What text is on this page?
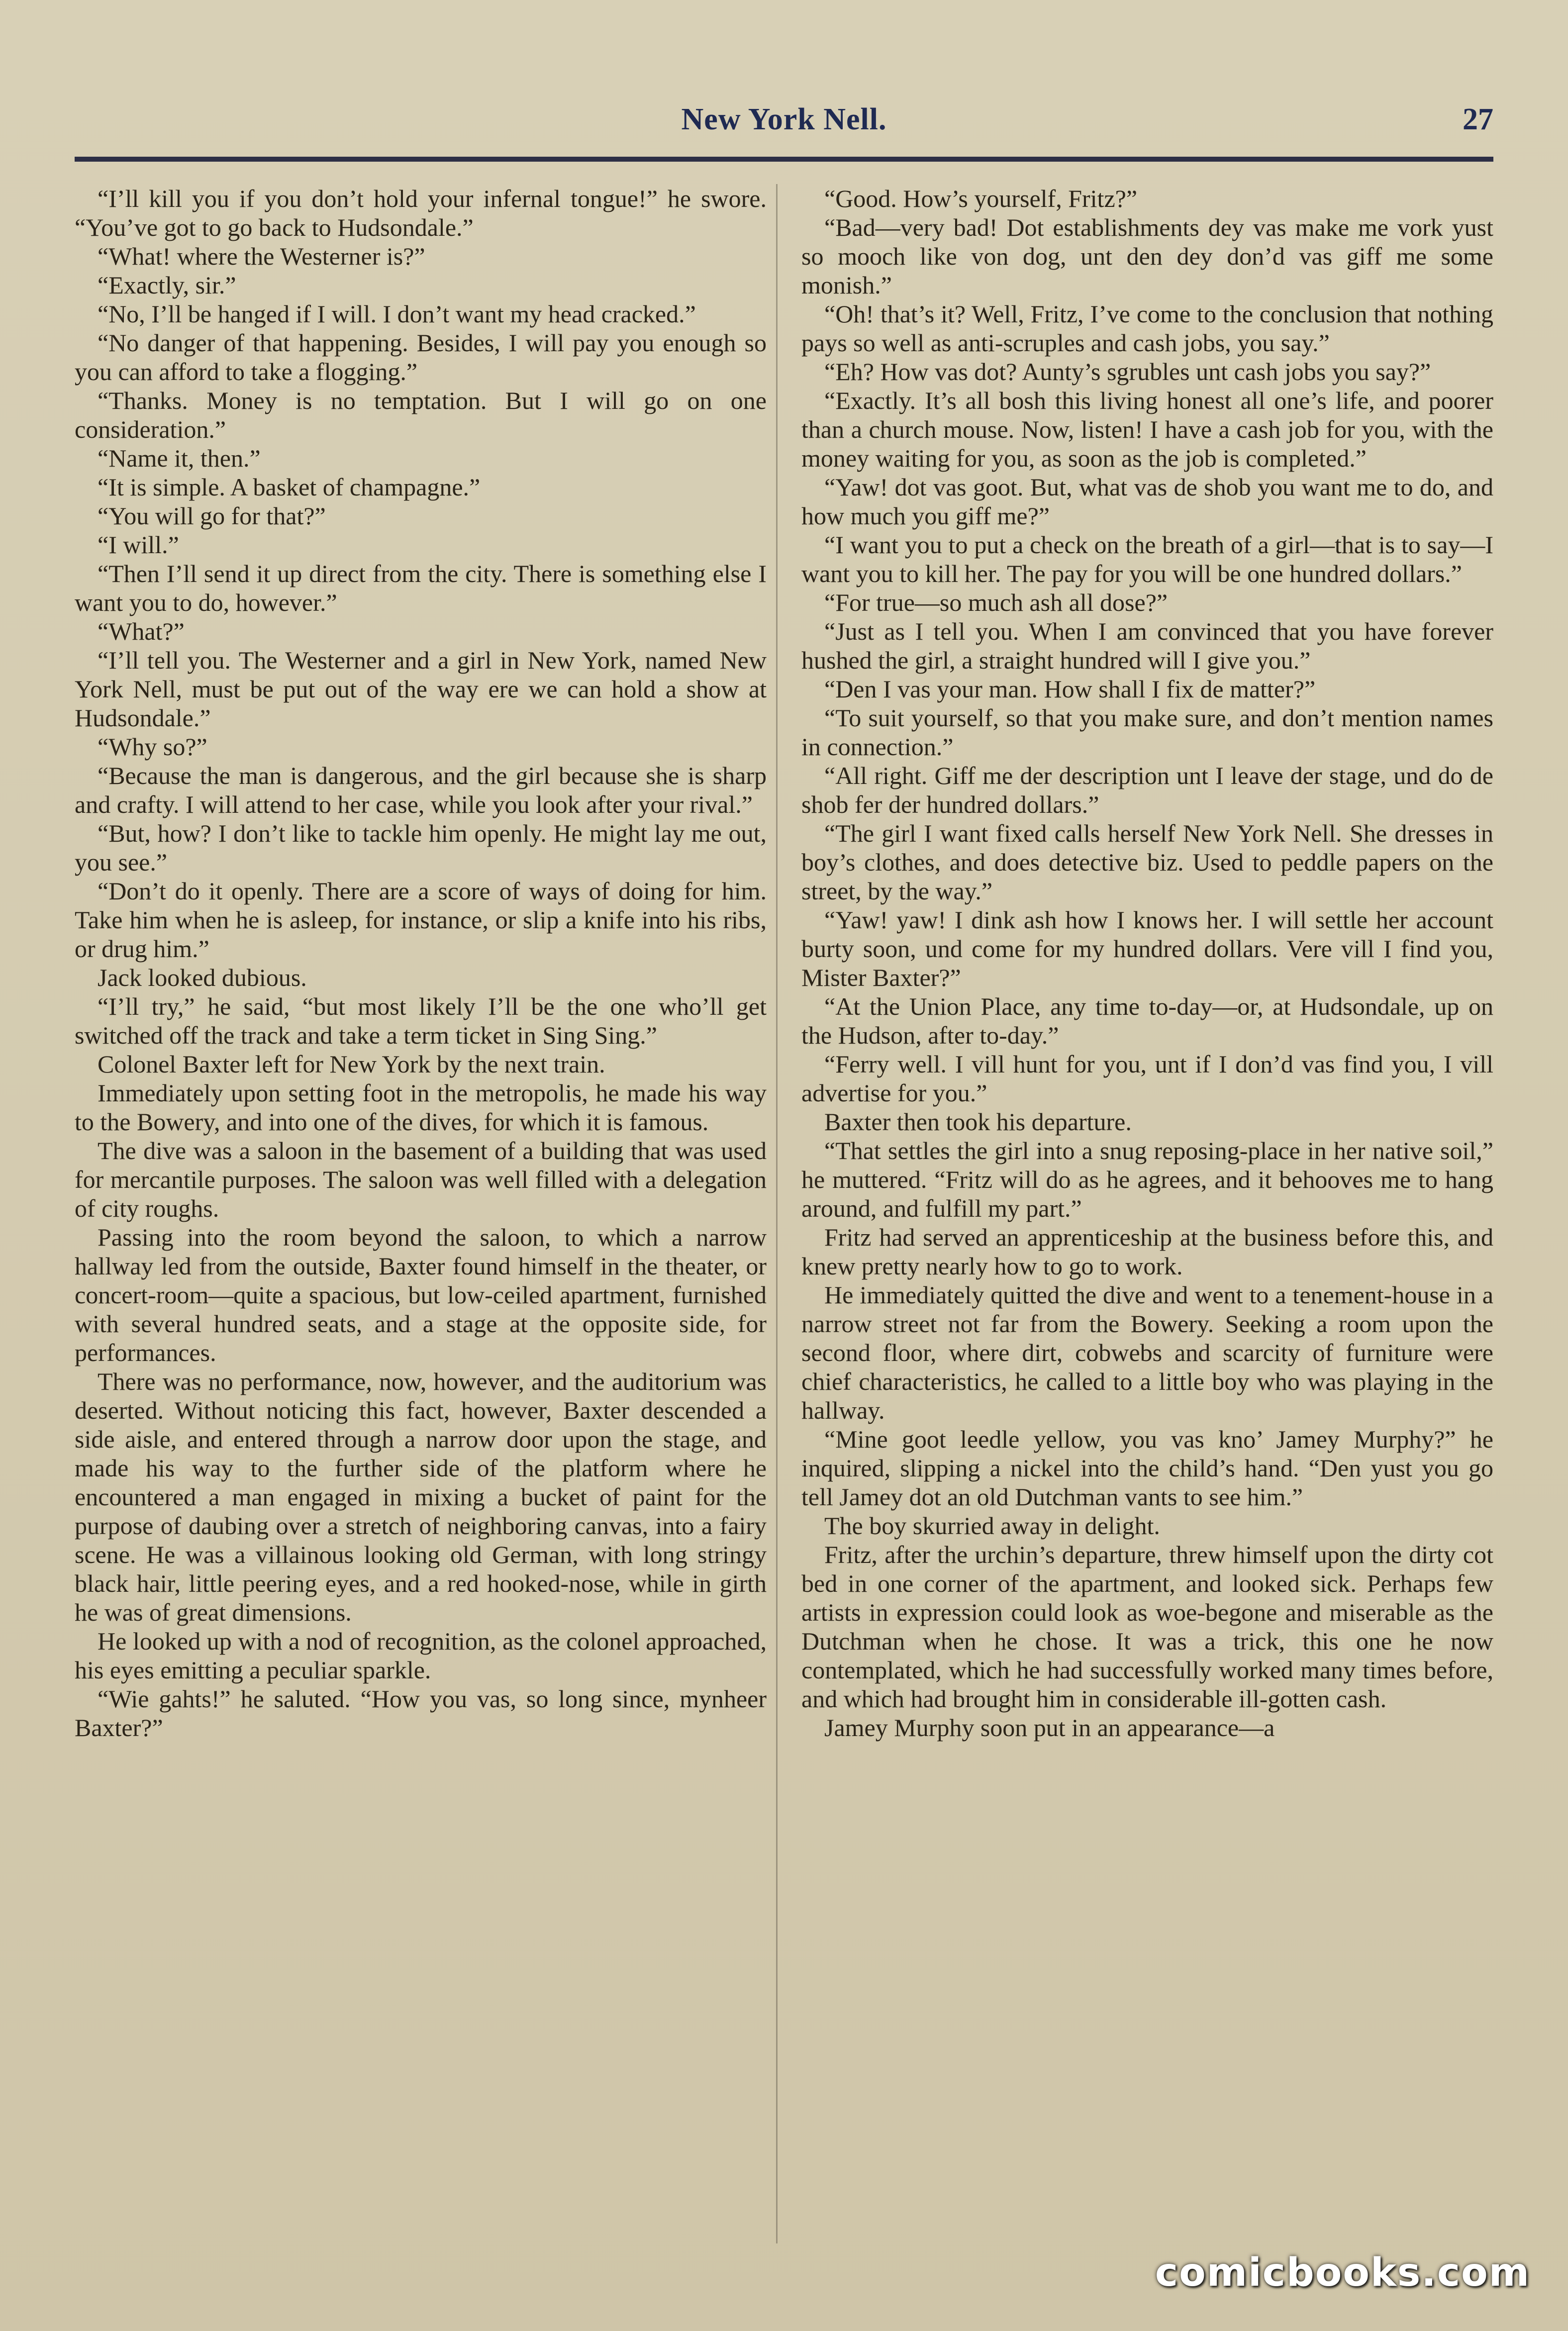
New York Nell.	27

“I’ll kill you if you don’t hold your infernal tongue!” he swore. “You’ve got to go back to Hudsondale.”

“What! where the Westerner is?”

“Exactly, sir.”

“No, I’ll be hanged if I will. I don’t want my head cracked.”

“No danger of that happening. Besides, I will pay you enough so you can afford to take a flogging.”

“Thanks. Money is no temptation. But I will go on one consideration.”

“Name it, then.”

“It is simple. A basket of champagne.”

“You will go for that?”

“I will.”

“Then I’ll send it up direct from the city. There is something else I want you to do, however.”

“What?”

“I’ll tell you. The Westerner and a girl in New York, named New York Nell, must be put out of the way ere we can hold a show at Hudsondale.”

“Why so?”

“Because the man is dangerous, and the girl because she is sharp and crafty. I will attend to her case, while you look after your rival.”

“But, how? I don’t like to tackle him openly. He might lay me out, you see.”

“Don’t do it openly. There are a score of ways of doing for him. Take him when he is asleep, for instance, or slip a knife into his ribs, or drug him.”

Jack looked dubious.

“I’ll try,” he said, “but most likely I’ll be the one who’ll get switched off the track and take a term ticket in Sing Sing.”

Colonel Baxter left for New York by the next train.

Immediately upon setting foot in the metropolis, he made his way to the Bowery, and into one of the dives, for which it is famous.

The dive was a saloon in the basement of a building that was used for mercantile purposes. The saloon was well filled with a delegation of city roughs.

Passing into the room beyond the saloon, to which a narrow hallway led from the outside, Baxter found himself in the theater, or concert-room—quite a spacious, but low-ceiled apartment, furnished with several hundred seats, and a stage at the opposite side, for performances.

There was no performance, now, however, and the auditorium was deserted. Without noticing this fact, however, Baxter descended a side aisle, and entered through a narrow door upon the stage, and made his way to the further side of the platform where he encountered a man engaged in mixing a bucket of paint for the purpose of daubing over a stretch of neighboring canvas, into a fairy scene. He was a villainous looking old German, with long stringy black hair, little peering eyes, and a red hooked-nose, while in girth he was of great dimensions.

He looked up with a nod of recognition, as the colonel approached, his eyes emitting a peculiar sparkle.

“Wie gahts!” he saluted. “How you vas, so long since, mynheer Baxter?”

“Good. How’s yourself, Fritz?”

“Bad—very bad! Dot establishments dey vas make me vork yust so mooch like von dog, unt den dey don’d vas giff me some monish.”

“Oh! that’s it? Well, Fritz, I’ve come to the conclusion that nothing pays so well as anti-scruples and cash jobs, you say.”

“Eh? How vas dot? Aunty’s sgrubles unt cash jobs you say?”

“Exactly. It’s all bosh this living honest all one’s life, and poorer than a church mouse. Now, listen! I have a cash job for you, with the money waiting for you, as soon as the job is completed.”

“Yaw! dot vas goot. But, what vas de shob you want me to do, and how much you giff me?”

“I want you to put a check on the breath of a girl—that is to say—I want you to kill her. The pay for you will be one hundred dollars.”

“For true—so much ash all dose?”

“Just as I tell you. When I am convinced that you have forever hushed the girl, a straight hundred will I give you.”

“Den I vas your man. How shall I fix de matter?”

“To suit yourself, so that you make sure, and don’t mention names in connection.”

“All right. Giff me der description unt I leave der stage, und do de shob fer der hundred dollars.”

“The girl I want fixed calls herself New York Nell. She dresses in boy’s clothes, and does detective biz. Used to peddle papers on the street, by the way.”

“Yaw! yaw! I dink ash how I knows her. I will settle her account burty soon, und come for my hundred dollars. Vere vill I find you, Mister Baxter?”

“At the Union Place, any time to-day—or, at Hudsondale, up on the Hudson, after to-day.”

“Ferry well. I vill hunt for you, unt if I don’d vas find you, I vill advertise for you.”

Baxter then took his departure.

“That settles the girl into a snug reposing-place in her native soil,” he muttered. “Fritz will do as he agrees, and it behooves me to hang around, and fulfill my part.”

Fritz had served an apprenticeship at the business before this, and knew pretty nearly how to go to work.

He immediately quitted the dive and went to a tenement-house in a narrow street not far from the Bowery. Seeking a room upon the second floor, where dirt, cobwebs and scarcity of furniture were chief characteristics, he called to a little boy who was playing in the hallway.

“Mine goot leedle yellow, you vas kno’ Jamey Murphy?” he inquired, slipping a nickel into the child’s hand. “Den yust you go tell Jamey dot an old Dutchman vants to see him.”

The boy skurried away in delight.

Fritz, after the urchin’s departure, threw himself upon the dirty cot bed in one corner of the apartment, and looked sick. Perhaps few artists in expression could look as woe-begone and miserable as the Dutchman when he chose. It was a trick, this one he now contemplated, which he had successfully worked many times before, and which had brought him in considerable ill-gotten cash.

Jamey Murphy soon put in an appearance—a

comicbooks.com
